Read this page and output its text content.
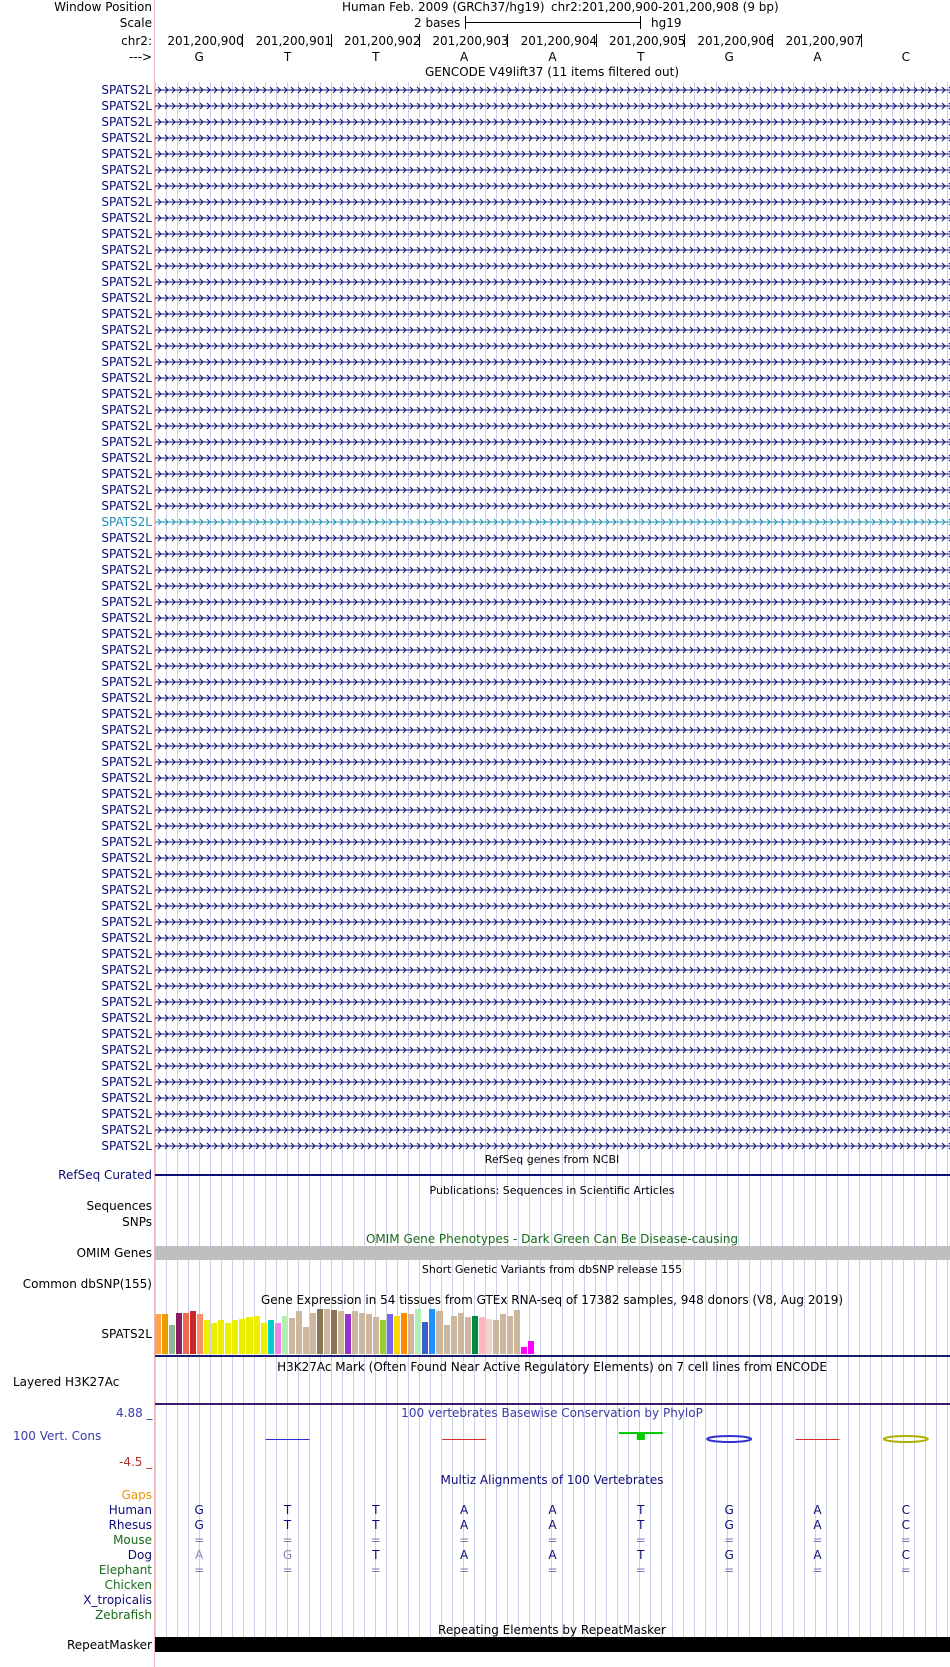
Window Position	Human Feb. 2009 (GRCh37/hg19) chr2:201,200,900-201,200,908 (9 bp)
Scale	2 bases	hg19
chr2: 201,200,900 201,200,901 201,200,902 201,200,903 201,200,904 201,200,905 201,200,906 201,200,907
--->	G	T	T	A	A	T	G	A	C
GENCODE V49lift37 (11 items filtered out)
SPATS2L
SPATS2L
SPATS2L
SPATS2L
SPATS2L
SPATS2L
SPATS2L
SPATS2L
SPATS2L
SPATS2L
SPATS2L
SPATS2L
SPATS2L
SPATS2L
SPATS2L
SPATS2L
SPATS2L
SPATS2L
SPATS2L
SPATS2L
SPATS2L
SPATS2L
SPATS2L
SPATS2L
SPATS2L
SPATS2L
SPATS2L
SPATS2L
SPATS2L
SPATS2L
SPATS2L
SPATS2L
SPATS2L
SPATS2L
SPATS2L
SPATS2L
SPATS2L
SPATS2L
SPATS2L
SPATS2L
SPATS2L
SPATS2L
SPATS2L
SPATS2L
SPATS2L
SPATS2L
SPATS2L
SPATS2L
SPATS2L
SPATS2L
SPATS2L
SPATS2L
SPATS2L
SPATS2L
SPATS2L
SPATS2L
SPATS2L
SPATS2L
SPATS2L
SPATS2L
SPATS2L
SPATS2L
SPATS2L
SPATS2L
SPATS2L
SPATS2L
SPATS2L
RefSeq genes from NCBI
RefSeq Curated
Publications: Sequences in Scientific Articles
Sequences
SNPs
OMIM Gene Phenotypes - Dark Green Can Be Disease-causing
OMIM Genes
Short Genetic Variants from dbSNP release 155
Common dbSNP(155)
Gene Expression in 54 tissues from GTEx RNA-seq of 17382 samples, 948 donors (V8, Aug 2019)
SPATS2L
H3K27Ac Mark (Often Found Near Active Regulatory Elements) on 7 cell lines from ENCODE
Layered H3K27Ac
100 vertebrates Basewise Conservation by PhyloP
4.88 _
100 Vert. Cons
-4.5 _
Multiz Alignments of 100 Vertebrates
Gaps
Human	G	T	T	A	A	T	G	A	C
Rhesus	G	T	T	A	A	T	G	A	C
Mouse	=	=	=	=	=	=	=	=	=
Dog	A	G	T	A	A	T	G	A	C
Elephant	=	=	=	=	=	=	=	=	=
Chicken
X_tropicalis
Zebrafish
Repeating Elements by RepeatMasker
RepeatMasker
